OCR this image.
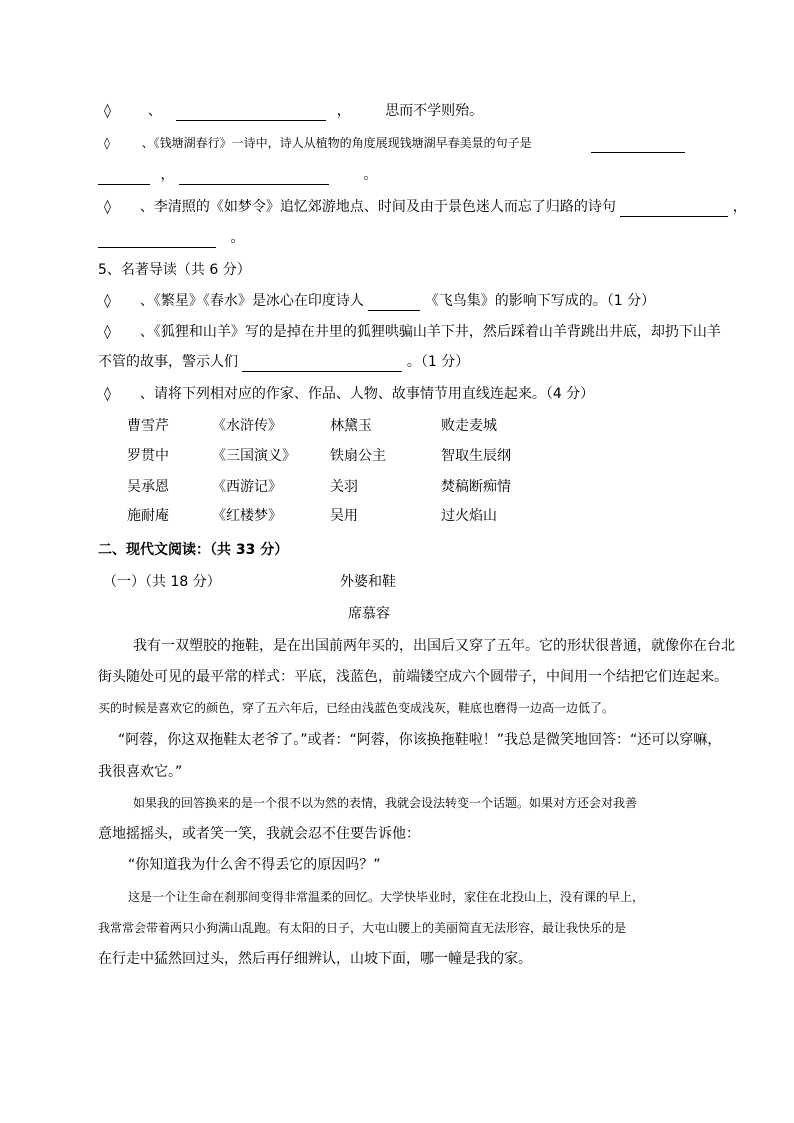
◊	、	， 思而不学则殆。
◊	、《钱塘湖春行》一诗中，诗人从植物的角度展现钱塘湖早春美景的句子是
，	。
◊ 、李清照的《如梦令》追忆郊游地点、时间及由于景色迷人而忘了归路的诗句	，
。
5、名著导读（共 6 分）
◊ 、《繁星》《春水》是冰心在印度诗人	《飞鸟集》的影响下写成的。（1 分）
◊ 、《狐狸和山羊》写的是掉在井里的狐狸哄骗山羊下井，然后踩着山羊背跳出井底，却扔下山羊
不管的故事，警示人们	。（1 分）
◊ 、请将下列相对应的作家、作品、人物、故事情节用直线连起来。（4 分）
曹雪芹	《水浒传》	林黛玉	败走麦城
罗贯中	《三国演义》 铁扇公主	智取生辰纲
吴承恩	《西游记》	关羽	焚稿断痴情
施耐庵	《红楼梦》	吴用	过火焰山
二、现代文阅读：（共 33 分）
（一）（共 18 分）	外婆和鞋
席慕容
我有一双塑胶的拖鞋，是在出国前两年买的，出国后又穿了五年。它的形状很普通，就像你在台北
街头随处可见的最平常的样式：平底，浅蓝色，前端镂空成六个圆带子，中间用一个结把它们连起来。
买的时候是喜欢它的颜色，穿了五六年后，已经由浅蓝色变成浅灰，鞋底也磨得一边高一边低了。
“阿蓉，你这双拖鞋太老爷了。”或者：“阿蓉，你该换拖鞋啦！”我总是微笑地回答：“还可以穿嘛，
我很喜欢它。”
如果我的回答换来的是一个很不以为然的表情，我就会设法转变一个话题。如果对方还会对我善
意地摇摇头，或者笑一笑，我就会忍不住要告诉他：
“你知道我为什么舍不得丢它的原因吗？”
这是一个让生命在刹那间变得非常温柔的回忆。大学快毕业时，家住在北投山上，没有课的早上，
我常常会带着两只小狗满山乱跑。有太阳的日子，大屯山腰上的美丽简直无法形容，最让我快乐的是
在行走中猛然回过头，然后再仔细辨认，山坡下面，哪一幢是我的家。
